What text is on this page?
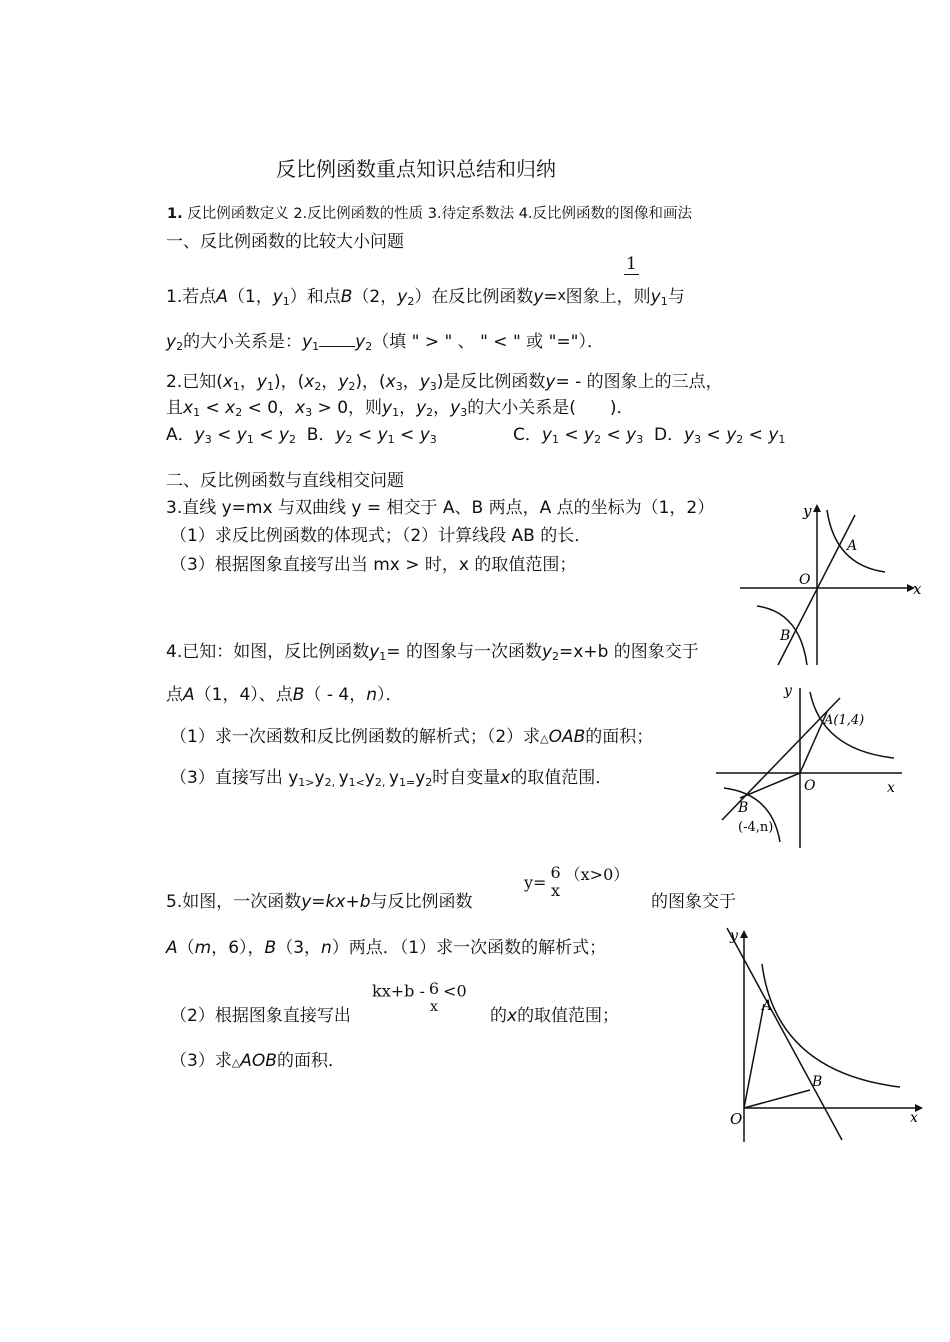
反比例函数重点知识总结和归纳
1. 反比例函数定义 2.反比例函数的性质 3.待定系数法 4.反比例函数的图像和画法
一、反比例函数的比较大小问题
1
1.若点A（1，$y_1$）和点B（2，$y_2$）在反比例函数y=x图象上，则$y_1$与
$y_2$的大小关系是：$y_1$ $y_2$（填 " > " 、 " < " 或 "="）．
2.已知($x_1$，$y_1$)，($x_2$，$y_2$)，($x_3$，$y_3$)是反比例函数y= - 的图象上的三点，
且$x_1 < x_2 < 0$，$x_3 > 0$，则$y_1$，$y_2$，$y_3$的大小关系是(　　)．
A．$y_3 < y_1 < y_2$ B．$y_2 < y_1 < y_3$	C．$y_1 < y_2 < y_3$ D．$y_3 < y_2 < y_1$
二、反比例函数与直线相交问题
3.直线 y=mx 与双曲线 y = 相交于 A、B 两点，A 点的坐标为（1，2）
（1）求反比例函数的体现式；（2）计算线段 AB 的长．
（3）根据图象直接写出当 mx > 时，x 的取值范围；
x
y
O
A
B
4.已知：如图，反比例函数$y_1=$ 的图象与一次函数$y_2=x+b$ 的图象交于
点A（1，4）、点B（ - 4，n）．
（1）求一次函数和反比例函数的解析式；（2）求△OAB的面积；
（3）直接写出 $y_{1>}y_{2,}$ $y_{1<}y_{2,}$ $y_{1=}y_2$时自变量x的取值范围．	x
y
O
A(1,4)
B
(-4,n)
y=
6
x
（x>0）
5.如图，一次函数y=kx+b与反比例函数	的图象交于
A（m，6），B（3，n）两点．（1）求一次函数的解析式；
kx+b - 6
x
<0
（2）根据图象直接写出	的x的取值范围；
（3）求△AOB的面积．
x
y
O
A
B
